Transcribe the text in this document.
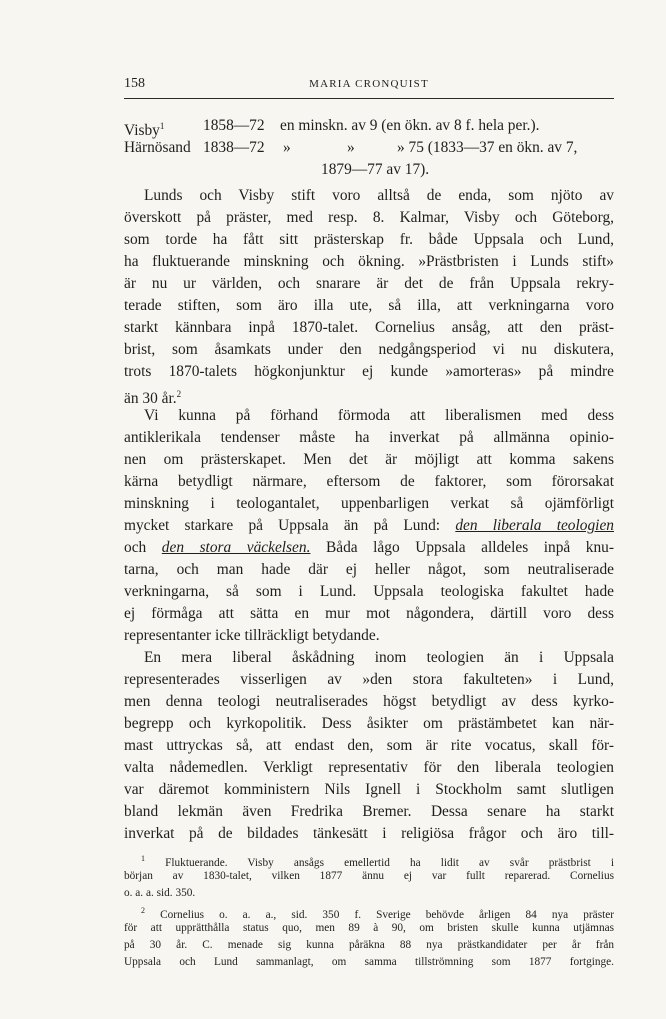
158	MARIA CRONQUIST
Visby$^1$	1858—72 en minskn. av 9 (en ökn. av 8 f. hela per.).
Härnösand 1838—72 »	»	» 75 (1833—37 en ökn. av 7,
1879—77 av 17).
Lunds och Visby stift voro alltså de enda, som njöto av
överskott på präster, med resp. 8. Kalmar, Visby och Göteborg,
som torde ha fått sitt prästerskap fr. både Uppsala och Lund,
ha fluktuerande minskning och ökning. »Prästbristen i Lunds stift»
är nu ur världen, och snarare är det de från Uppsala rekry-
terade stiften, som äro illa ute, så illa, att verkningarna voro
starkt kännbara inpå 1870-talet. Cornelius ansåg, att den präst-
brist, som åsamkats under den nedgångsperiod vi nu diskutera,
trots 1870-talets högkonjunktur ej kunde »amorteras» på mindre
än 30 år.$^2$
Vi kunna på förhand förmoda att liberalismen med dess
antiklerikala tendenser måste ha inverkat på allmänna opinio-
nen om prästerskapet. Men det är möjligt att komma sakens
kärna betydligt närmare, eftersom de faktorer, som förorsakat
minskning i teologantalet, uppenbarligen verkat så ojämförligt
mycket starkare på Uppsala än på Lund: den liberala teologien
och den stora väckelsen. Båda lågo Uppsala alldeles inpå knu-
tarna, och man hade där ej heller något, som neutraliserade
verkningarna, så som i Lund. Uppsala teologiska fakultet hade
ej förmåga att sätta en mur mot någondera, därtill voro dess
representanter icke tillräckligt betydande.
En mera liberal åskådning inom teologien än i Uppsala
representerades visserligen av »den stora fakulteten» i Lund,
men denna teologi neutraliserades högst betydligt av dess kyrko-
begrepp och kyrkopolitik. Dess åsikter om prästämbetet kan när-
mast uttryckas så, att endast den, som är rite vocatus, skall för-
valta nådemedlen. Verkligt representativ för den liberala teologien
var däremot komministern Nils Ignell i Stockholm samt slutligen
bland lekmän även Fredrika Bremer. Dessa senare ha starkt
inverkat på de bildades tänkesätt i religiösa frågor och äro till-
$^1$ Fluktuerande. Visby ansågs emellertid ha lidit av svår prästbrist i
början av 1830-talet, vilken 1877 ännu ej var fullt reparerad. Cornelius
o. a. a. sid. 350.
$^2$ Cornelius o. a. a., sid. 350 f. Sverige behövde årligen 84 nya präster
för att upprätthålla status quo, men 89 à 90, om bristen skulle kunna utjämnas
på 30 år. C. menade sig kunna påräkna 88 nya prästkandidater per år från
Uppsala och Lund sammanlagt, om samma tillströmning som 1877 fortginge.
